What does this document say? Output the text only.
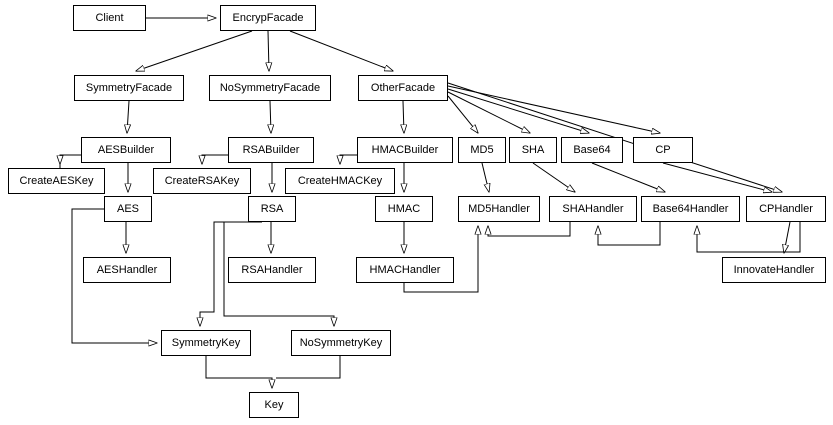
Client	EncrypFacade
SymmetryFacade	NoSymmetryFacade	OtherFacade
AESBuilder	RSABuilder	HMACBuilder	MD5	SHA	Base64	CP
CreateAESKey	CreateRSAKey	CreateHMACKey
AES	RSA	HMAC	MD5Handler	SHAHandler	Base64Handler	CPHandler
AESHandler	RSAHandler	HMACHandler	InnovateHandler
SymmetryKey	NoSymmetryKey
Key
